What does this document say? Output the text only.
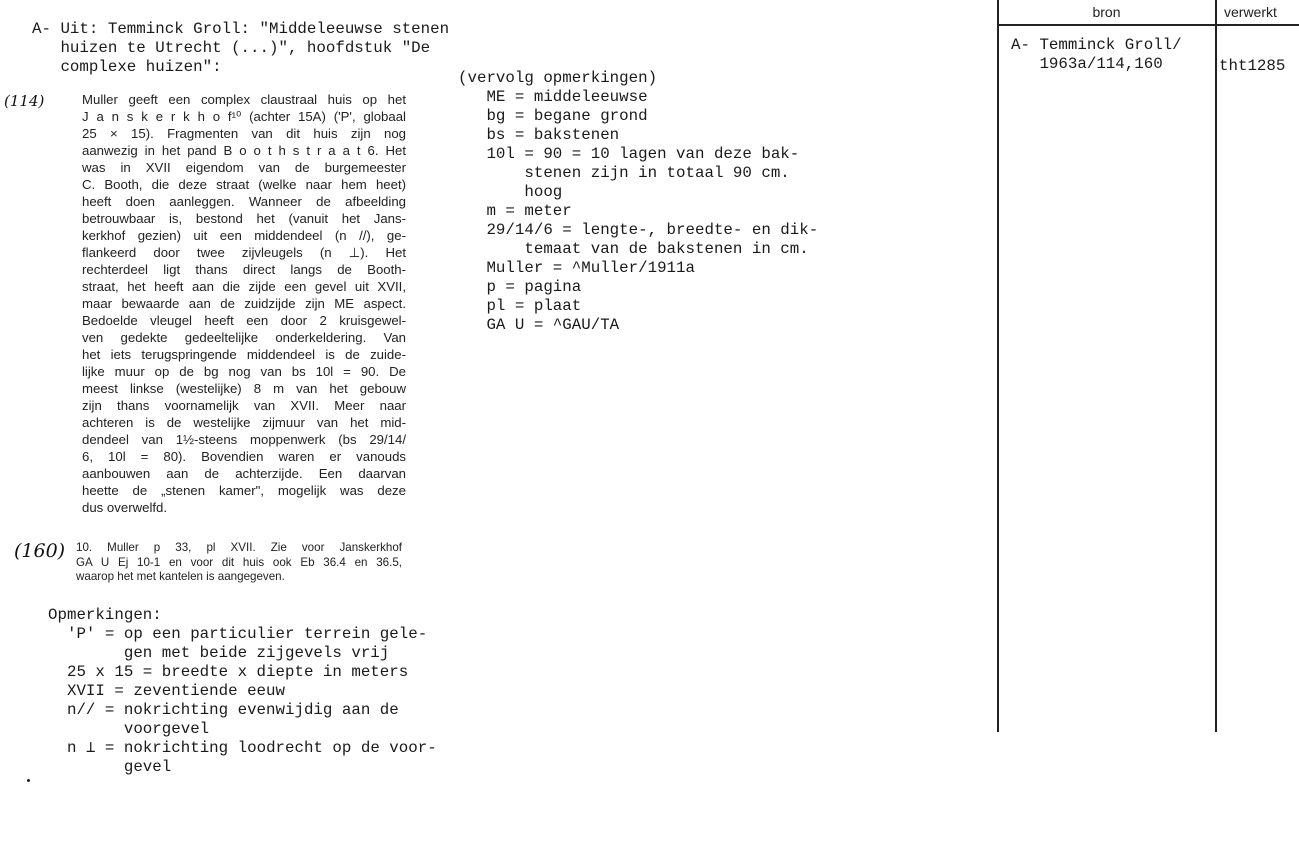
A- Uit: Temminck Groll: "Middeleeuwse stenen
huizen te Utrecht (...)", hoofdstuk "De
complexe huizen":
(114)	Muller geeft een complex claustraal huis op het
J a n s k e r k h o f¹⁰ (achter 15A) ('P', globaal
25 × 15). Fragmenten van dit huis zijn nog
aanwezig in het pand B o o t h s t r a a t 6. Het
was in XVII eigendom van de burgemeester
C. Booth, die deze straat (welke naar hem heet)
heeft doen aanleggen. Wanneer de afbeelding
betrouwbaar is, bestond het (vanuit het Jans-
kerkhof gezien) uit een middendeel (n //), ge-
flankeerd door twee zijvleugels (n ⊥). Het
rechterdeel ligt thans direct langs de Booth-
straat, het heeft aan die zijde een gevel uit XVII,
maar bewaarde aan de zuidzijde zijn ME aspect.
Bedoelde vleugel heeft een door 2 kruisgewel-
ven gedekte gedeeltelijke onderkeldering. Van
het iets terugspringende middendeel is de zuide-
lijke muur op de bg nog van bs 10l = 90. De
meest linkse (westelijke) 8 m van het gebouw
zijn thans voornamelijk van XVII. Meer naar
achteren is de westelijke zijmuur van het mid-
dendeel van 1½-steens moppenwerk (bs 29/14/
6, 10l = 80). Bovendien waren er vanouds
aanbouwen aan de achterzijde. Een daarvan
heette de „stenen kamer", mogelijk was deze
dus overwelfd.
(160) 10. Muller p 33, pl XVII. Zie voor Janskerkhof
GA U Ej 10-1 en voor dit huis ook Eb 36.4 en 36.5,
waarop het met kantelen is aangegeven.
Opmerkingen:
'P' = op een particulier terrein gele-
gen met beide zijgevels vrij
25 x 15 = breedte x diepte in meters
XVII = zeventiende eeuw
n// = nokrichting evenwijdig aan de
voorgevel
n ⊥ = nokrichting loodrecht op de voor-
gevel
(vervolg opmerkingen)
ME = middeleeuwse
bg = begane grond
bs = bakstenen
10l = 90 = 10 lagen van deze bak-
stenen zijn in totaal 90 cm.
hoog
m = meter
29/14/6 = lengte-, breedte- en dik-
temaat van de bakstenen in cm.
Muller = ^Muller/1911a
p = pagina
pl = plaat
GA U = ^GAU/TA
bron	verwerkt
A- Temminck Groll/
1963a/114,160	tht1285
